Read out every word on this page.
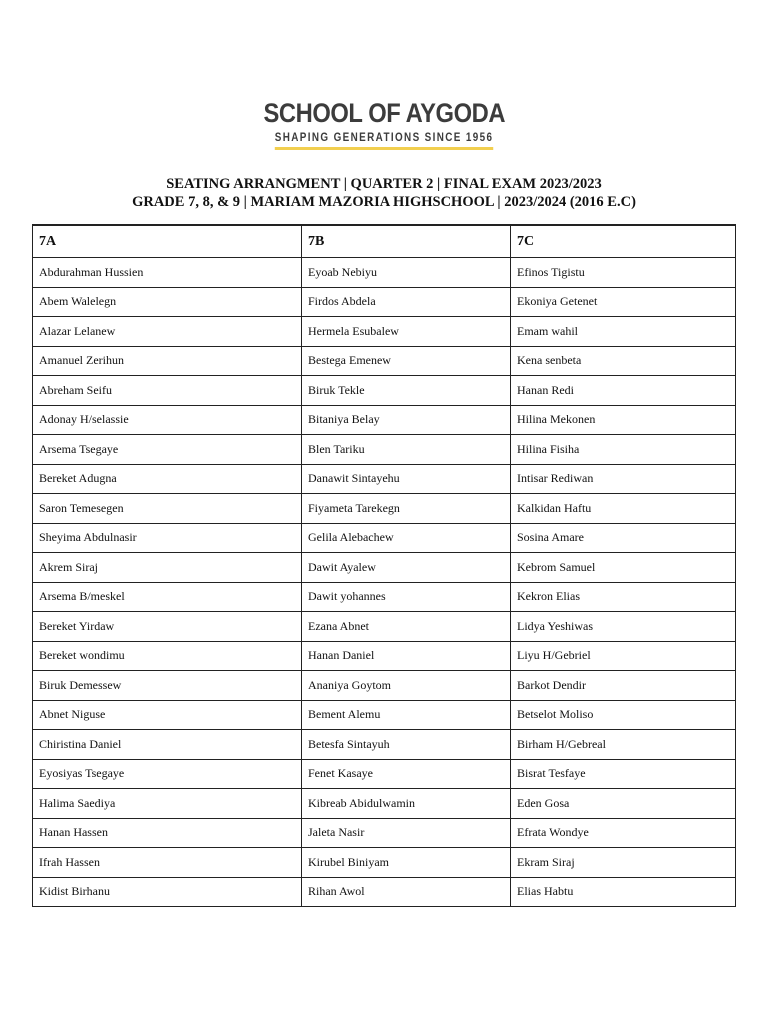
SCHOOL OF AYGODA
SHAPING GENERATIONS SINCE 1956
SEATING ARRANGMENT | QUARTER 2 | FINAL EXAM 2023/2023
GRADE 7, 8, & 9 | MARIAM MAZORIA HIGHSCHOOL | 2023/2024 (2016 E.C)
7A	7B	7C
Abdurahman Hussien	Eyoab Nebiyu	Efinos Tigistu
Abem Walelegn	Firdos Abdela	Ekoniya Getenet
Alazar Lelanew	Hermela Esubalew	Emam wahil
Amanuel Zerihun	Bestega Emenew	Kena senbeta
Abreham Seifu	Biruk Tekle	Hanan Redi
Adonay H/selassie	Bitaniya Belay	Hilina Mekonen
Arsema Tsegaye	Blen Tariku	Hilina Fisiha
Bereket Adugna	Danawit Sintayehu	Intisar Rediwan
Saron Temesegen	Fiyameta Tarekegn	Kalkidan Haftu
Sheyima Abdulnasir	Gelila Alebachew	Sosina Amare
Akrem Siraj	Dawit Ayalew	Kebrom Samuel
Arsema B/meskel	Dawit yohannes	Kekron Elias
Bereket Yirdaw	Ezana Abnet	Lidya Yeshiwas
Bereket wondimu	Hanan Daniel	Liyu H/Gebriel
Biruk Demessew	Ananiya Goytom	Barkot Dendir
Abnet Niguse	Bement Alemu	Betselot Moliso
Chiristina Daniel	Betesfa Sintayuh	Birham H/Gebreal
Eyosiyas Tsegaye	Fenet Kasaye	Bisrat Tesfaye
Halima Saediya	Kibreab Abidulwamin	Eden Gosa
Hanan Hassen	Jaleta Nasir	Efrata Wondye
Ifrah Hassen	Kirubel Biniyam	Ekram Siraj
Kidist Birhanu	Rihan Awol	Elias Habtu
